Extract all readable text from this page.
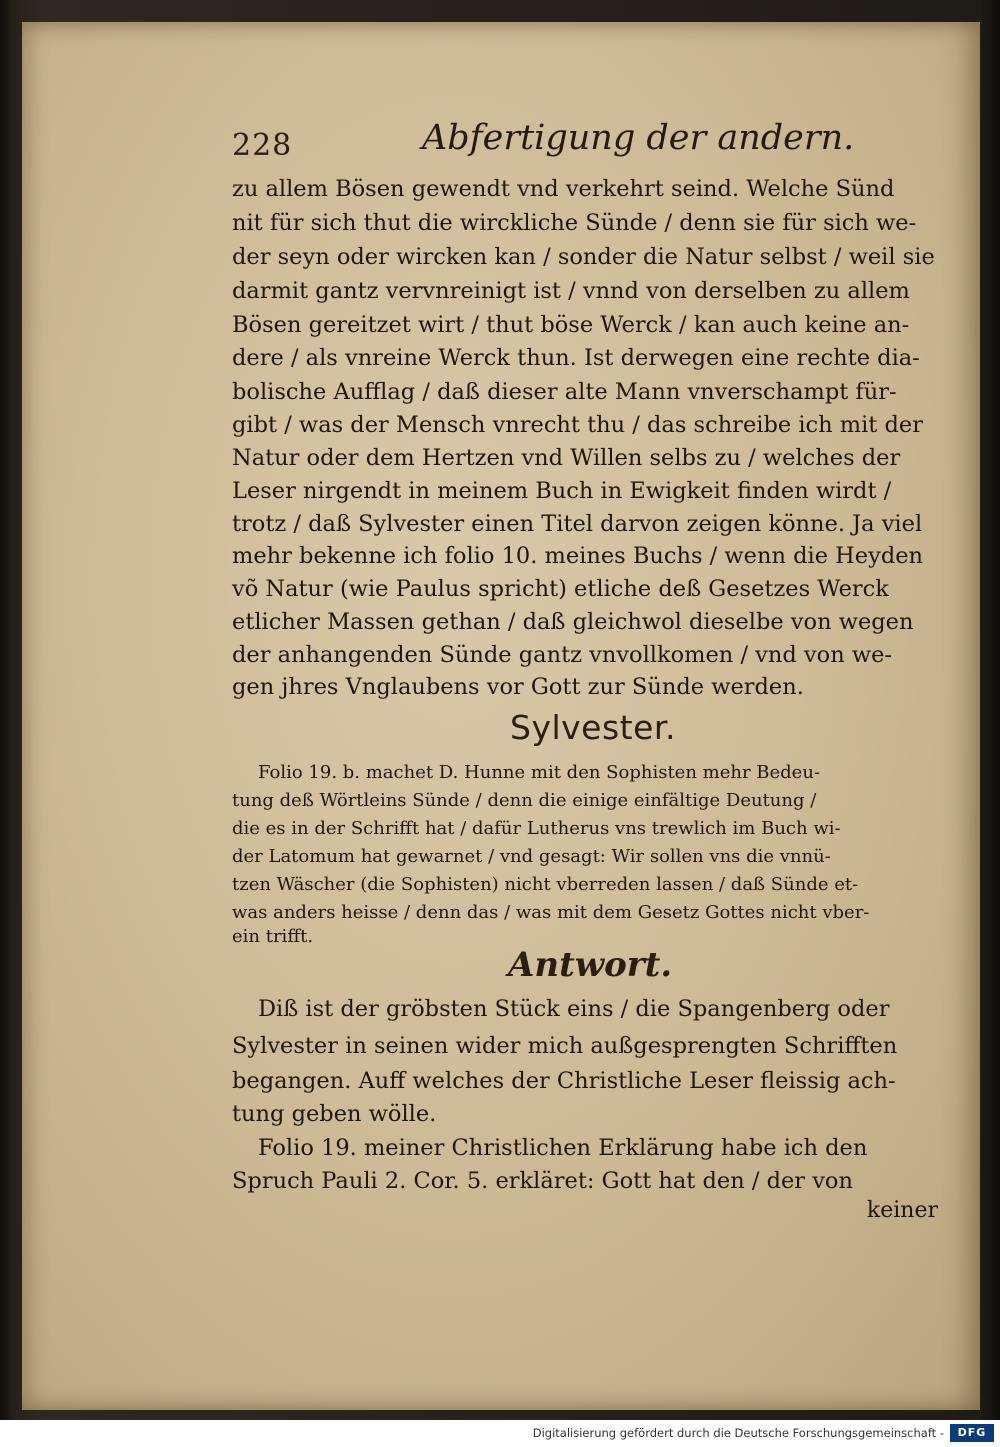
228	Abfertigung der andern.
zu allem Bösen gewendt vnd verkehrt seind. Welche Sünd
nit für sich thut die wirckliche Sünde / denn sie für sich we-
der seyn oder wircken kan / sonder die Natur selbst / weil sie
darmit gantz vervnreinigt ist / vnnd von derselben zu allem
Bösen gereitzet wirt / thut böse Werck / kan auch keine an-
dere / als vnreine Werck thun. Ist derwegen eine rechte dia-
bolische Aufflag / daß dieser alte Mann vnverschampt für-
gibt / was der Mensch vnrecht thu / das schreibe ich mit der
Natur oder dem Hertzen vnd Willen selbs zu / welches der
Leser nirgendt in meinem Buch in Ewigkeit finden wirdt /
trotz / daß Sylvester einen Titel darvon zeigen könne. Ja viel
mehr bekenne ich folio 10. meines Buchs / wenn die Heyden
võ Natur (wie Paulus spricht) etliche deß Gesetzes Werck
etlicher Massen gethan / daß gleichwol dieselbe von wegen
der anhangenden Sünde gantz vnvollkomen / vnd von we-
gen jhres Vnglaubens vor Gott zur Sünde werden.
Sylvester.
Folio 19. b. machet D. Hunne mit den Sophisten mehr Bedeu-
tung deß Wörtleins Sünde / denn die einige einfältige Deutung /
die es in der Schrifft hat / dafür Lutherus vns trewlich im Buch wi-
der Latomum hat gewarnet / vnd gesagt: Wir sollen vns die vnnü-
tzen Wäscher (die Sophisten) nicht vberreden lassen / daß Sünde et-
was anders heisse / denn das / was mit dem Gesetz Gottes nicht vber-
ein trifft.
Antwort.
Diß ist der gröbsten Stück eins / die Spangenberg oder
Sylvester in seinen wider mich außgesprengten Schrifften
begangen. Auff welches der Christliche Leser fleissig ach-
tung geben wölle.
Folio 19. meiner Christlichen Erklärung habe ich den
Spruch Pauli 2. Cor. 5. erkläret: Gott hat den / der von
keiner
Digitalisierung gefördert durch die Deutsche Forschungsgemeinschaft -	DFG
